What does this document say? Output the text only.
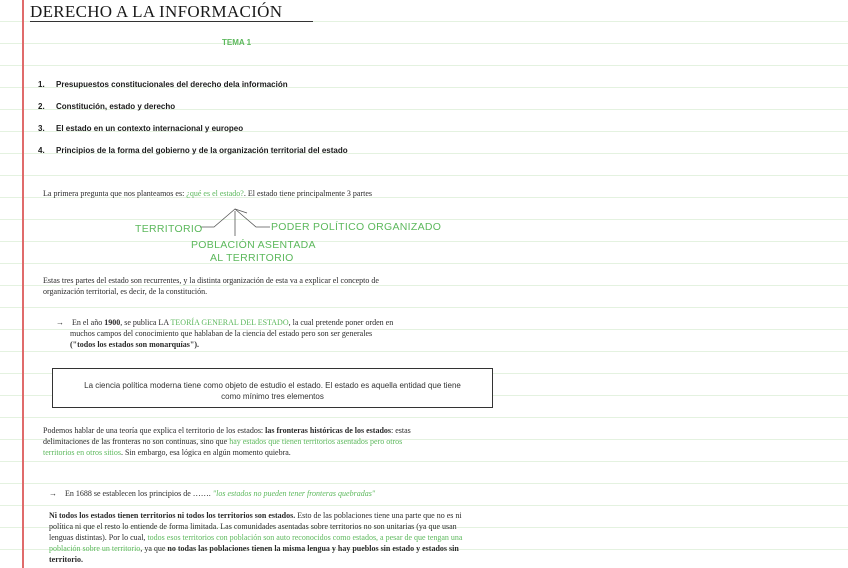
DERECHO A LA INFORMACIÓN
TEMA 1
1. Presupuestos constitucionales del derecho dela información
2. Constitución, estado y derecho
3. El estado en un contexto internacional y europeo
4. Principios de la forma del gobierno y de la organización territorial del estado
La primera pregunta que nos planteamos es: ¿qué es el estado?. El estado tiene principalmente 3 partes
TERRITORIO
POBLACIÓN ASENTADA
AL TERRITORIO
PODER POLÍTICO ORGANIZADO
Estas tres partes del estado son recurrentes, y la distinta organización de esta va a explicar el concepto de
organización territorial, es decir, de la constitución.
→ En el año 1900, se publica LA TEORÍA GENERAL DEL ESTADO, la cual pretende poner orden en
muchos campos del conocimiento que hablaban de la ciencia del estado pero son ser generales
("todos los estados son monarquías").
La ciencia política moderna tiene como objeto de estudio el estado. El estado es aquella entidad que tiene
como mínimo tres elementos
Podemos hablar de una teoría que explica el territorio de los estados: las fronteras históricas de los estados: estas
delimitaciones de las fronteras no son continuas, sino que hay estados que tienen territorios asentados pero otros
territorios en otros sitios. Sin embargo, esa lógica en algún momento quiebra.
→ En 1688 se establecen los principios de ……. "los estados no pueden tener fronteras quebradas"
Ni todos los estados tienen territorios ni todos los territorios son estados. Esto de las poblaciones tiene una parte que no es ni
política ni que el resto lo entiende de forma limitada. Las comunidades asentadas sobre territorios no son unitarias (ya que usan
lenguas distintas). Por lo cual, todos esos territorios con población son auto reconocidos como estados, a pesar de que tengan una
población sobre un territorio, ya que no todas las poblaciones tienen la misma lengua y hay pueblos sin estado y estados sin
territorio.
